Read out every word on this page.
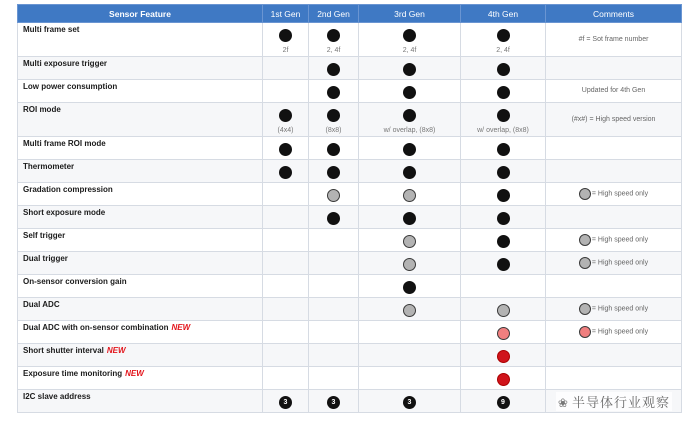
Sensor Feature	1st Gen	2nd Gen	3rd Gen	4th Gen	Comments
Multi frame set	2f	2, 4f	2, 4f	2, 4f	#f = Sot frame number
Multi exposure trigger					
Low power consumption					Updated for 4th Gen
ROI mode	(4x4)	(8x8)	w/ overlap, (8x8)	w/ overlap, (8x8)	(#x#) = High speed version
Multi frame ROI mode					
Thermometer					
Gradation compression					= High speed only
Short exposure mode					
Self trigger					= High speed only
Dual trigger					= High speed only
On-sensor conversion gain					
Dual ADC					= High speed only
Dual ADC with on-sensor combination NEW					= High speed only
Short shutter interval NEW					
Exposure time monitoring NEW					
I2C slave address	3	3	3	9		❀ 半导体行业观察
